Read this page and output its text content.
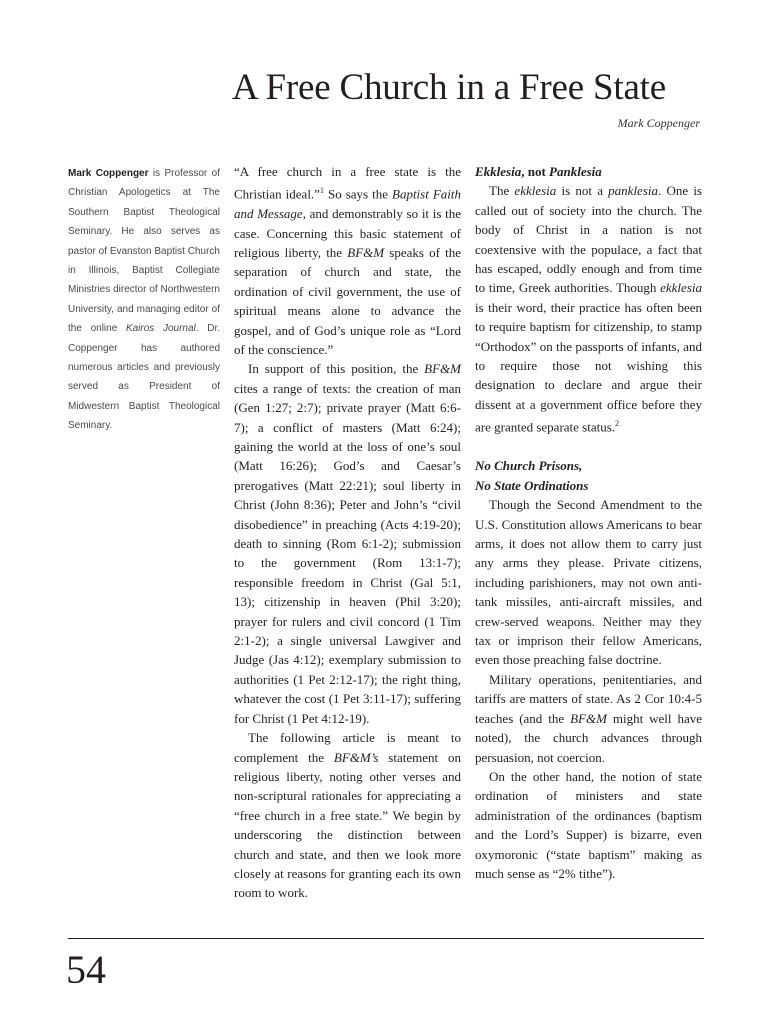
A Free Church in a Free State
Mark Coppenger

Mark Coppenger is Professor of Christian Apologetics at The Southern Baptist Theological Seminary. He also serves as pastor of Evanston Baptist Church in Illinois, Baptist Collegiate Ministries director of Northwestern University, and managing editor of the online Kairos Journal. Dr. Coppenger has authored numerous articles and previously served as President of Midwestern Baptist Theological Seminary.

“A free church in a free state is the Christian ideal.”$^1$ So says the Baptist Faith and Message, and demonstrably so it is the case. Concerning this basic statement of religious liberty, the BF&M speaks of the separation of church and state, the ordination of civil government, the use of spiritual means alone to advance the gospel, and of God’s unique role as “Lord of the conscience.”

In support of this position, the BF&M cites a range of texts: the creation of man (Gen 1:27; 2:7); private prayer (Matt 6:6-7); a conflict of masters (Matt 6:24); gaining the world at the loss of one’s soul (Matt 16:26); God’s and Caesar’s prerogatives (Matt 22:21); soul liberty in Christ (John 8:36); Peter and John’s “civil disobedience” in preaching (Acts 4:19-20); death to sinning (Rom 6:1-2); submission to the government (Rom 13:1-7); responsible freedom in Christ (Gal 5:1, 13); citizenship in heaven (Phil 3:20); prayer for rulers and civil concord (1 Tim 2:1-2); a single universal Lawgiver and Judge (Jas 4:12); exemplary submission to authorities (1 Pet 2:12-17); the right thing, whatever the cost (1 Pet 3:11-17); suffering for Christ (1 Pet 4:12-19).

The following article is meant to complement the BF&M’s statement on religious liberty, noting other verses and non-scriptural rationales for appreciating a “free church in a free state.” We begin by underscoring the distinction between church and state, and then we look more closely at reasons for granting each its own room to work.

Ekklesia, not Panklesia

The ekklesia is not a panklesia. One is called out of society into the church. The body of Christ in a nation is not coextensive with the populace, a fact that has escaped, oddly enough and from time to time, Greek authorities. Though ekklesia is their word, their practice has often been to require baptism for citizenship, to stamp “Orthodox” on the passports of infants, and to require those not wishing this designation to declare and argue their dissent at a government office before they are granted separate status.$^2$

No Church Prisons,
No State Ordinations

Though the Second Amendment to the U.S. Constitution allows Americans to bear arms, it does not allow them to carry just any arms they please. Private citizens, including parishioners, may not own anti-tank missiles, anti-aircraft missiles, and crew-served weapons. Neither may they tax or imprison their fellow Americans, even those preaching false doctrine.

Military operations, penitentiaries, and tariffs are matters of state. As 2 Cor 10:4-5 teaches (and the BF&M might well have noted), the church advances through persuasion, not coercion.

On the other hand, the notion of state ordination of ministers and state administration of the ordinances (baptism and the Lord’s Supper) is bizarre, even oxymoronic (“state baptism” making as much sense as “2% tithe”).

54
